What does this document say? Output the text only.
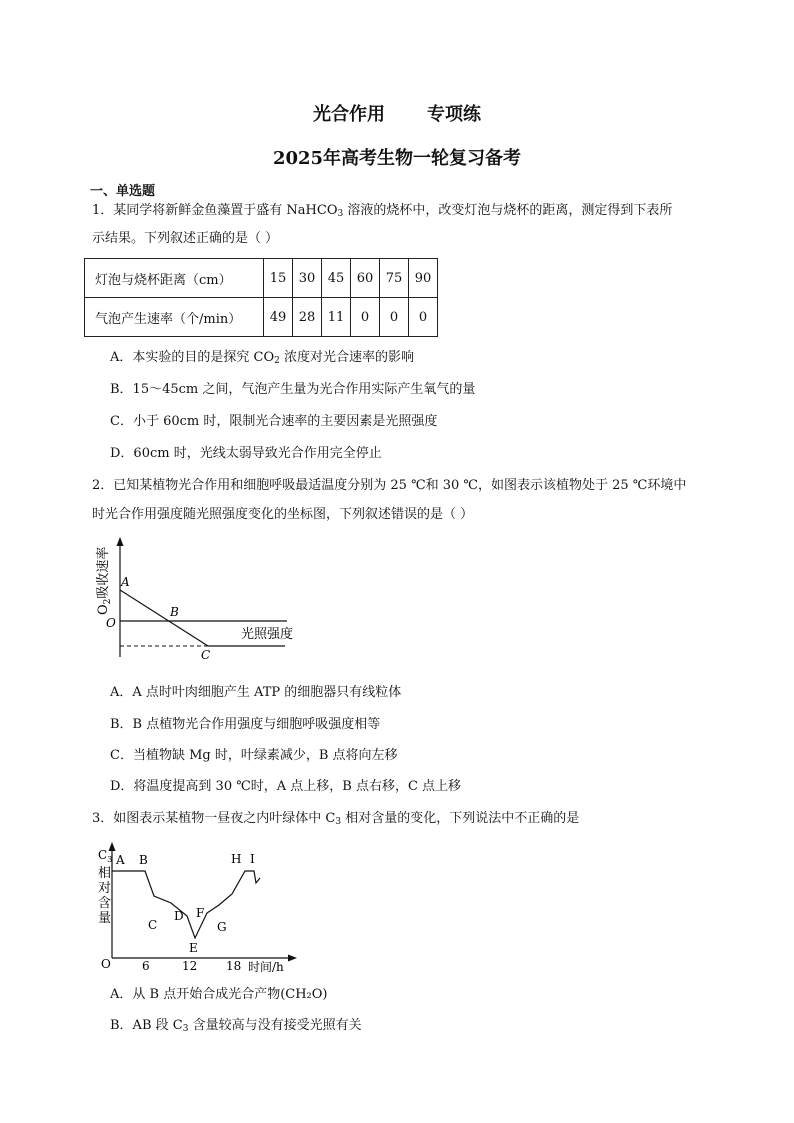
光合作用 专项练
2025年高考生物一轮复习备考
一、单选题
1．某同学将新鲜金鱼藻置于盛有 NaHCO$_3$ 溶液的烧杯中，改变灯泡与烧杯的距离，测定得到下表所
示结果。下列叙述正确的是（ ）
灯泡与烧杯距离（cm）	15	30	45	60	75	90
气泡产生速率（个/min）	49	28	11	0	0	0
A．本实验的目的是探究 $CO_2$ 浓度对光合速率的影响
B．15～45cm 之间，气泡产生量为光合作用实际产生氧气的量
C．小于 60cm 时，限制光合速率的主要因素是光照强度
D．60cm 时，光线太弱导致光合作用完全停止
2．已知某植物光合作用和细胞呼吸最适温度分别为 25 ℃和 30 ℃，如图表示该植物处于 25 ℃环境中
时光合作用强度随光照强度变化的坐标图，下列叙述错误的是（ ）
$O_2$吸收速率
光照强度
O
A
B
C
A．A 点时叶肉细胞产生 ATP 的细胞器只有线粒体
B．B 点植物光合作用强度与细胞呼吸强度相等
C．当植物缺 Mg 时，叶绿素减少，B 点将向左移
D．将温度提高到 30 ℃时，A 点上移，B 点右移，C 点上移
3．如图表示某植物一昼夜之内叶绿体中 $C_3$ 相对含量的变化，下列说法中不正确的是
$C_3$
相
对
含
量
O	6	12 18 时间/h
A B
C
D
E
F
G
H I
A．从 B 点开始合成光合产物(CH₂O)
B．AB 段 $C_3$ 含量较高与没有接受光照有关
